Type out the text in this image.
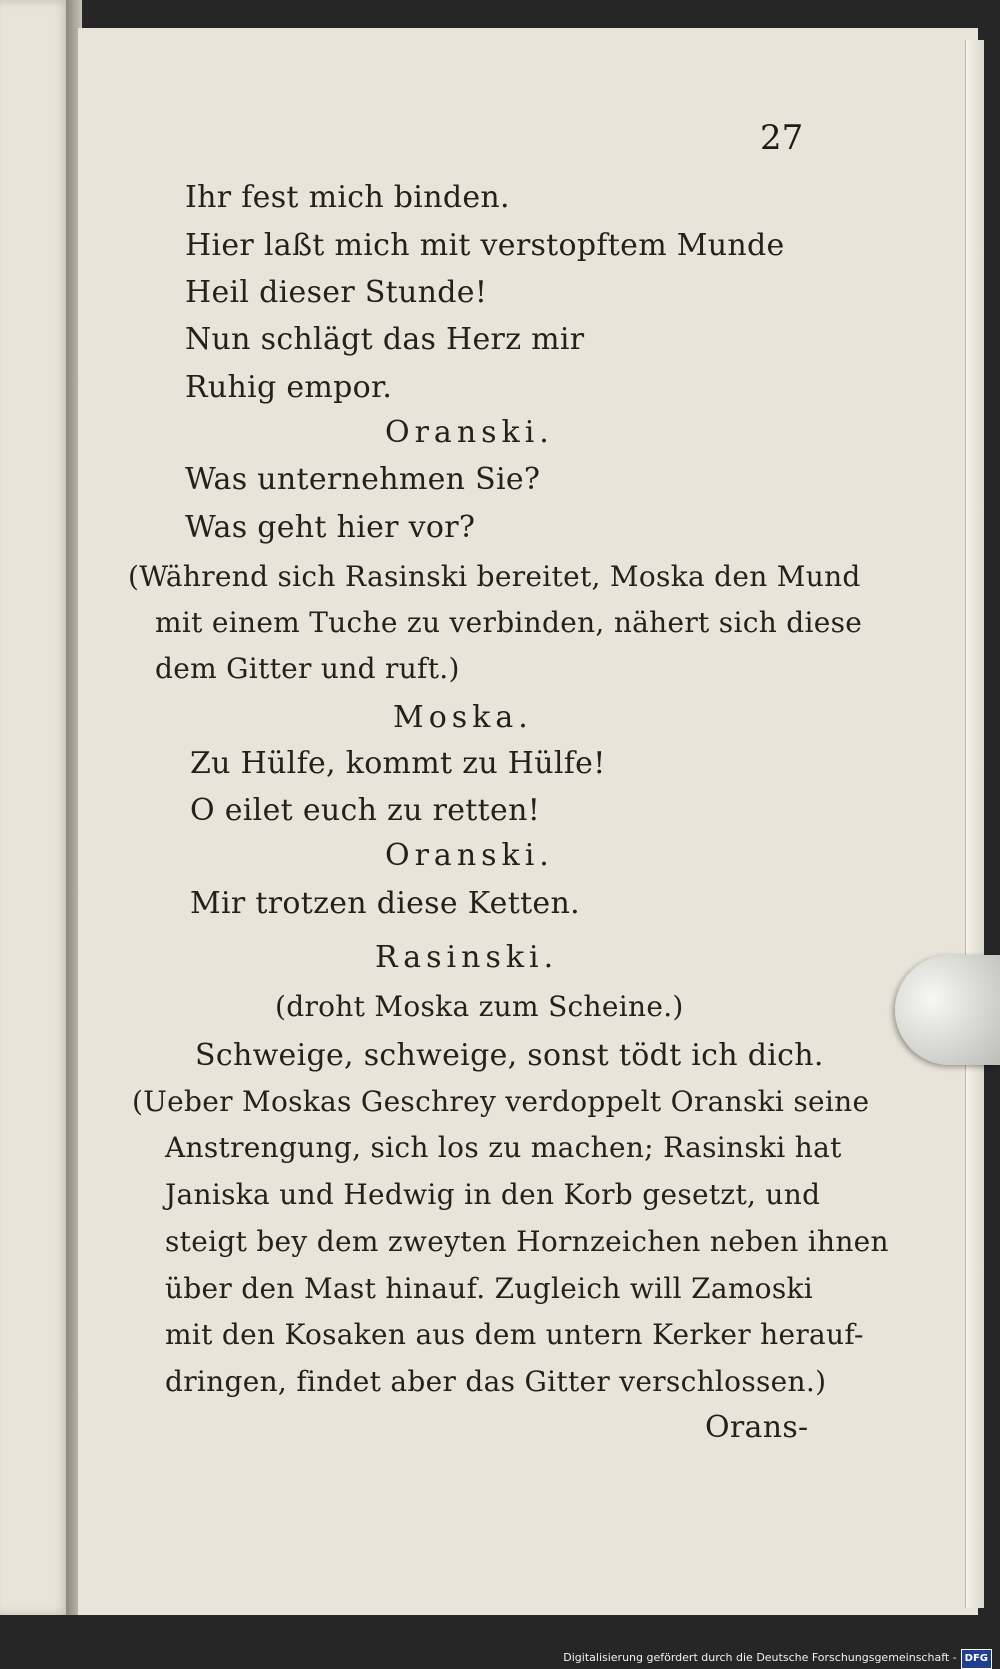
27
Ihr fest mich binden.
Hier laßt mich mit verstopftem Munde
Heil dieser Stunde!
Nun schlägt das Herz mir
Ruhig empor.
Oranski.
Was unternehmen Sie?
Was geht hier vor?
(Während sich Rasinski bereitet, Moska den Mund
mit einem Tuche zu verbinden, nähert sich diese
dem Gitter und ruft.)
Moska.
Zu Hülfe, kommt zu Hülfe!
O eilet euch zu retten!
Oranski.
Mir trotzen diese Ketten.
Rasinski.
(droht Moska zum Scheine.)
Schweige, schweige, sonst tödt ich dich.
(Ueber Moskas Geschrey verdoppelt Oranski seine
Anstrengung, sich los zu machen; Rasinski hat
Janiska und Hedwig in den Korb gesetzt, und
steigt bey dem zweyten Hornzeichen neben ihnen
über den Mast hinauf. Zugleich will Zamoski
mit den Kosaken aus dem untern Kerker herauf-
dringen, findet aber das Gitter verschlossen.)
Orans-
Digitalisierung gefördert durch die Deutsche Forschungsgemeinschaft - DFG
